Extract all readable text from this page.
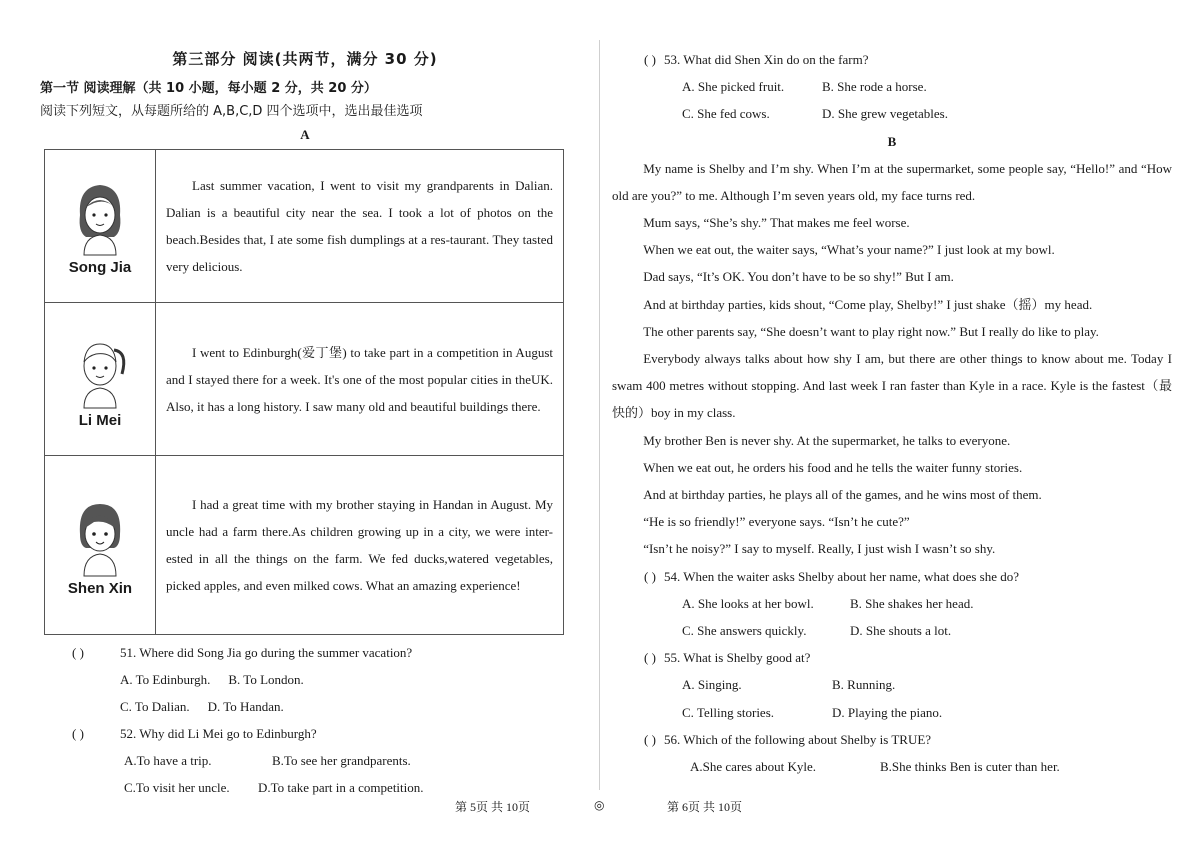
第三部分 阅读(共两节，满分 30 分)
第一节 阅读理解（共 10 小题，每小题 2 分，共 20 分）
阅读下列短文，从每题所给的 A,B,C,D 四个选项中，选出最佳选项
A
Song Jia	Last summer vacation, I went to visit my grandparents in Dalian. Dalian is a beautiful city near the sea. I took a lot of photos on the beach.Besides that, I ate some fish dumplings at a res-taurant. They tasted very delicious.

Li Mei	I went to Edinburgh(爱丁堡) to take part in a competition in August and I stayed there for a week. It's one of the most popular cities in theUK. Also, it has a long history. I saw many old and beautiful buildings there.

Shen Xin	I had a great time with my brother staying in Handan in August. My uncle had a farm there.As children growing up in a city, we were inter-ested in all the things on the farm. We fed ducks,watered vegetables, picked apples, and even milked cows. What an amazing experience!
( )	51. Where did Song Jia go during the summer vacation?
A. To Edinburgh. B. To London.
C. To Dalian. D. To Handan.
( )	52. Why did Li Mei go to Edinburgh?
A.To have a trip.	B.To see her grandparents.
C.To visit her uncle. D.To take part in a competition.
( ) 53. What did Shen Xin do on the farm?
A. She picked fruit.	B. She rode a horse.
C. She fed cows.	D. She grew vegetables.
B

My name is Shelby and I’m shy. When I’m at the supermarket, some people say, “Hello!” and “How old are you?” to me. Although I’m seven years old, my face turns red.

Mum says, “She’s shy.” That makes me feel worse.

When we eat out, the waiter says, “What’s your name?” I just look at my bowl.

Dad says, “It’s OK. You don’t have to be so shy!” But I am.

And at birthday parties, kids shout, “Come play, Shelby!” I just shake（摇）my head.

The other parents say, “She doesn’t want to play right now.” But I really do like to play.

Everybody always talks about how shy I am, but there are other things to know about me. Today I swam 400 metres without stopping. And last week I ran faster than Kyle in a race. Kyle is the fastest（最快的）boy in my class.

My brother Ben is never shy. At the supermarket, he talks to everyone.

When we eat out, he orders his food and he tells the waiter funny stories.

And at birthday parties, he plays all of the games, and he wins most of them.

“He is so friendly!” everyone says. “Isn’t he cute?”

“Isn’t he noisy?” I say to myself. Really, I just wish I wasn’t so shy.

( ) 54. When the waiter asks Shelby about her name, what does she do?
A. She looks at her bowl.	B. She shakes her head.
C. She answers quickly.	D. She shouts a lot.
( ) 55. What is Shelby good at?
A. Singing.	B. Running.
C. Telling stories.	D. Playing the piano.
( ) 56. Which of the following about Shelby is TRUE?
A.She cares about Kyle.	B.She thinks Ben is cuter than her.
第 5页 共 10页	◎	第 6页 共 10页
